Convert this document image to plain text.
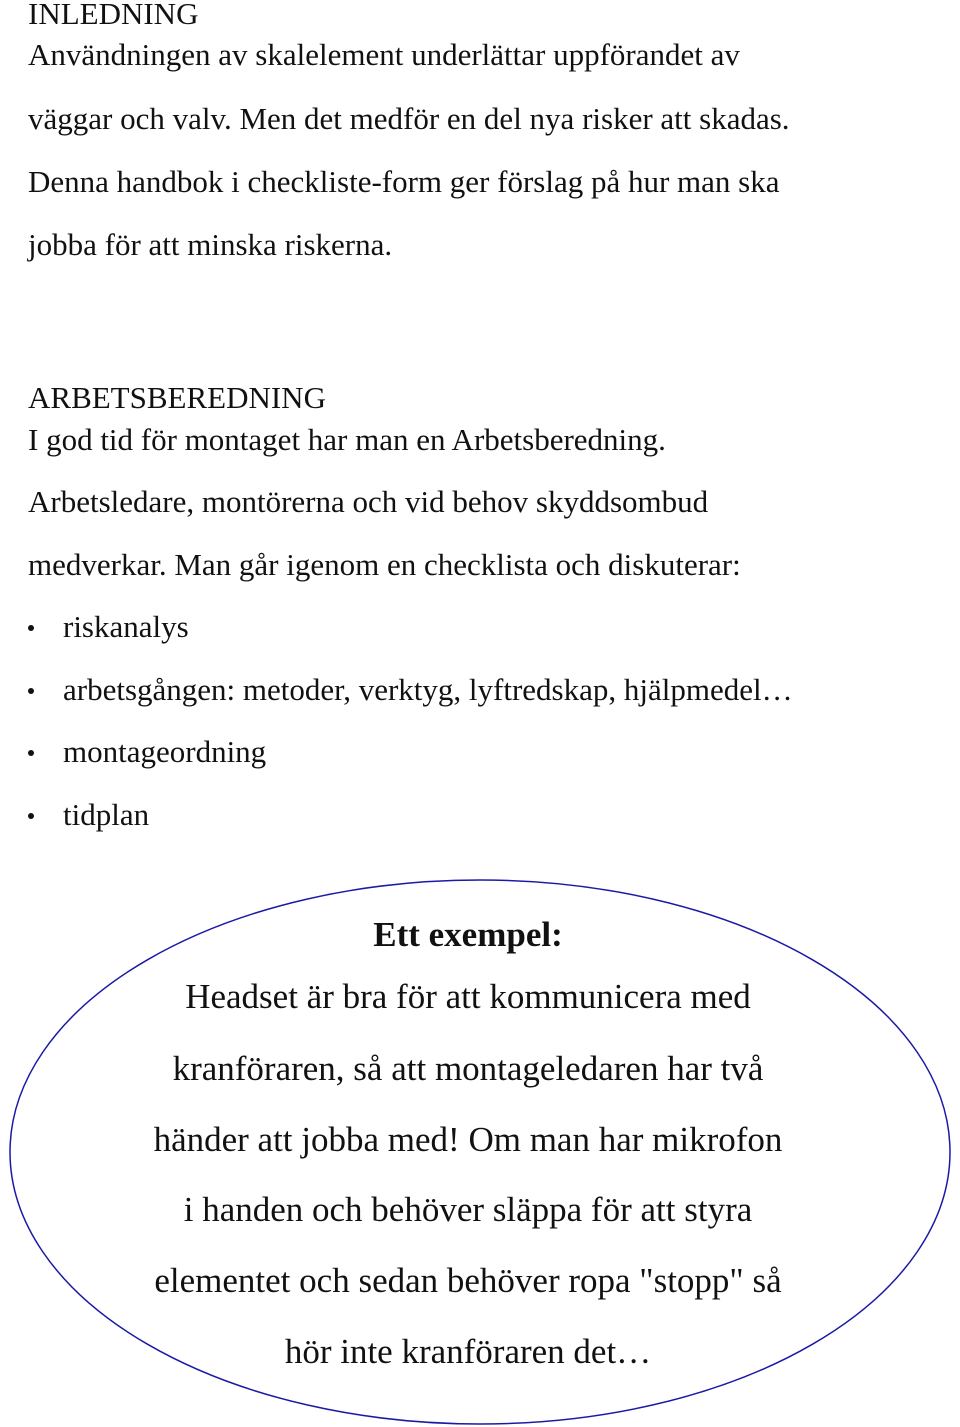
INLEDNING
Användningen av skalelement underlättar uppförandet av
väggar och valv. Men det medför en del nya risker att skadas.
Denna handbok i checkliste-form ger förslag på hur man ska
jobba för att minska riskerna.
ARBETSBEREDNING
I god tid för montaget har man en Arbetsberedning.
Arbetsledare, montörerna och vid behov skyddsombud
medverkar. Man går igenom en checklista och diskuterar:
riskanalys
arbetsgången: metoder, verktyg, lyftredskap, hjälpmedel…
montageordning
tidplan
Ett exempel:
Headset är bra för att kommunicera med
kranföraren, så att montageledaren har två
händer att jobba med! Om man har mikrofon
i handen och behöver släppa för att styra
elementet och sedan behöver ropa "stopp" så
hör inte kranföraren det…
